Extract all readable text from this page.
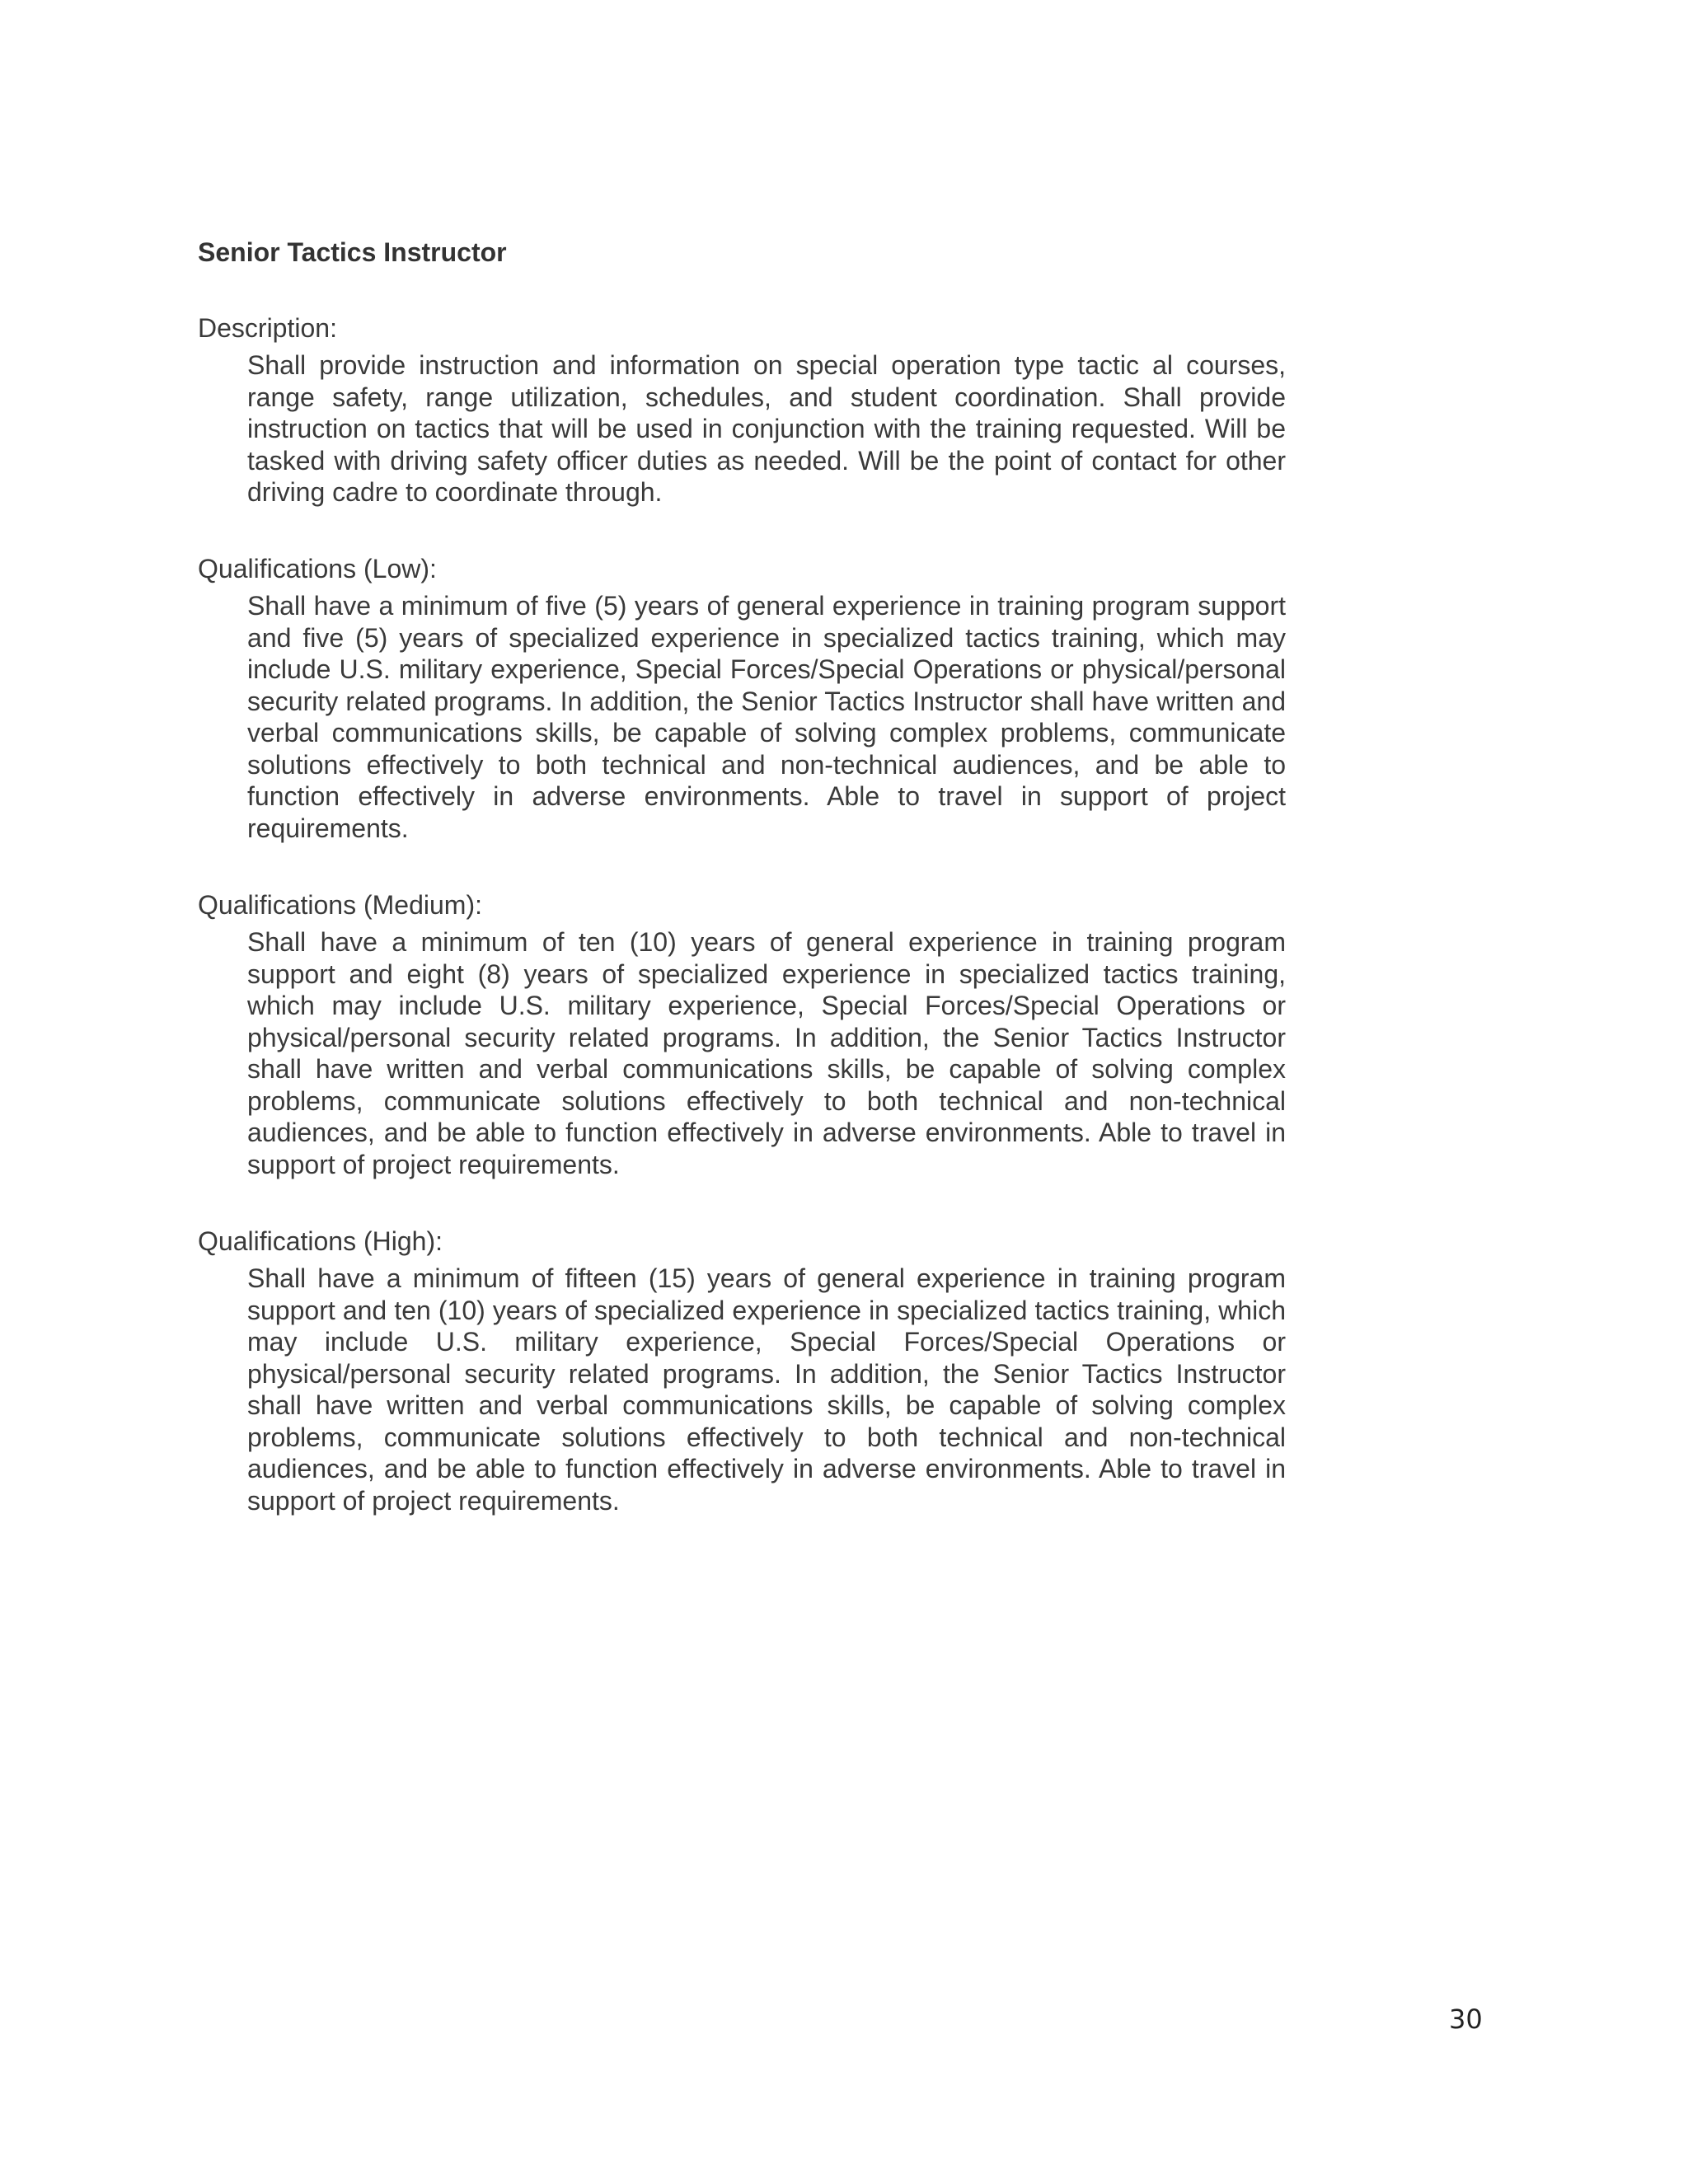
Senior Tactics Instructor

Description:

Shall provide instruction and information on special operation type tactic al courses, range safety, range utilization, schedules, and student coordination. Shall provide instruction on tactics that will be used in conjunction with the training requested. Will be tasked with driving safety officer duties as needed. Will be the point of contact for other driving cadre to coordinate through.

Qualifications (Low):

Shall have a minimum of five (5) years of general experience in training program support and five (5) years of specialized experience in specialized tactics training, which may include U.S. military experience, Special Forces/Special Operations or physical/personal security related programs. In addition, the Senior Tactics Instructor shall have written and verbal communications skills, be capable of solving complex problems, communicate solutions effectively to both technical and non-technical audiences, and be able to function effectively in adverse environments. Able to travel in support of project requirements.

Qualifications (Medium):

Shall have a minimum of ten (10) years of general experience in training program support and eight (8) years of specialized experience in specialized tactics training, which may include U.S. military experience, Special Forces/Special Operations or physical/personal security related programs. In addition, the Senior Tactics Instructor shall have written and verbal communications skills, be capable of solving complex problems, communicate solutions effectively to both technical and non-technical audiences, and be able to function effectively in adverse environments. Able to travel in support of project requirements.

Qualifications (High):

Shall have a minimum of fifteen (15) years of general experience in training program support and ten (10) years of specialized experience in specialized tactics training, which may include U.S. military experience, Special Forces/Special Operations or physical/personal security related programs. In addition, the Senior Tactics Instructor shall have written and verbal communications skills, be capable of solving complex problems, communicate solutions effectively to both technical and non-technical audiences, and be able to function effectively in adverse environments. Able to travel in support of project requirements.
30
